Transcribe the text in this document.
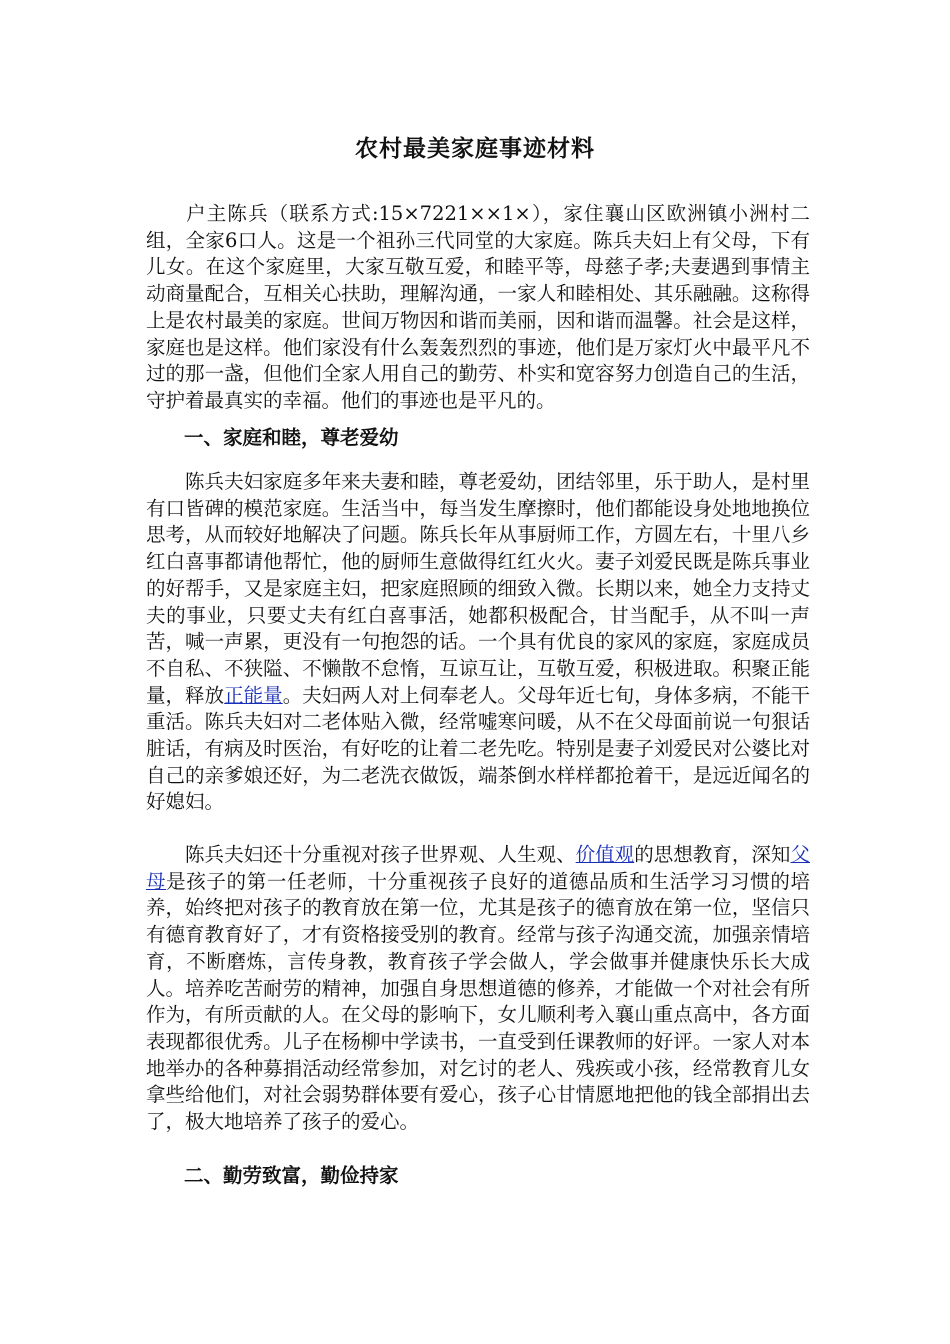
农村最美家庭事迹材料

户主陈兵（联系方式:15×7221××1×），家住襄山区欧洲镇小洲村二组，全家6口人。这是一个祖孙三代同堂的大家庭。陈兵夫妇上有父母，下有儿女。在这个家庭里，大家互敬互爱，和睦平等，母慈子孝;夫妻遇到事情主动商量配合，互相关心扶助，理解沟通，一家人和睦相处、其乐融融。这称得上是农村最美的家庭。世间万物因和谐而美丽，因和谐而温馨。社会是这样，家庭也是这样。他们家没有什么轰轰烈烈的事迹，他们是万家灯火中最平凡不过的那一盏，但他们全家人用自己的勤劳、朴实和宽容努力创造自己的生活，守护着最真实的幸福。他们的事迹也是平凡的。

一、家庭和睦，尊老爱幼

陈兵夫妇家庭多年来夫妻和睦，尊老爱幼，团结邻里，乐于助人，是村里有口皆碑的模范家庭。生活当中，每当发生摩擦时，他们都能设身处地地换位思考，从而较好地解决了问题。陈兵长年从事厨师工作，方圆左右，十里八乡红白喜事都请他帮忙，他的厨师生意做得红红火火。妻子刘爱民既是陈兵事业的好帮手，又是家庭主妇，把家庭照顾的细致入微。长期以来，她全力支持丈夫的事业，只要丈夫有红白喜事活，她都积极配合，甘当配手，从不叫一声苦，喊一声累，更没有一句抱怨的话。一个具有优良的家风的家庭，家庭成员不自私、不狭隘、不懒散不怠惰，互谅互让，互敬互爱，积极进取。积聚正能量，释放正能量。夫妇两人对上伺奉老人。父母年近七旬，身体多病，不能干重活。陈兵夫妇对二老体贴入微，经常嘘寒问暖，从不在父母面前说一句狠话脏话，有病及时医治，有好吃的让着二老先吃。特别是妻子刘爱民对公婆比对自己的亲爹娘还好，为二老洗衣做饭，端茶倒水样样都抢着干，是远近闻名的好媳妇。

陈兵夫妇还十分重视对孩子世界观、人生观、价值观的思想教育，深知父母是孩子的第一任老师，十分重视孩子良好的道德品质和生活学习习惯的培养，始终把对孩子的教育放在第一位，尤其是孩子的德育放在第一位，坚信只有德育教育好了，才有资格接受别的教育。经常与孩子沟通交流，加强亲情培育，不断磨炼，言传身教，教育孩子学会做人，学会做事并健康快乐长大成人。培养吃苦耐劳的精神，加强自身思想道德的修养，才能做一个对社会有所作为，有所贡献的人。在父母的影响下，女儿顺利考入襄山重点高中，各方面表现都很优秀。儿子在杨柳中学读书，一直受到任课教师的好评。一家人对本地举办的各种募捐活动经常参加，对乞讨的老人、残疾或小孩，经常教育儿女拿些给他们，对社会弱势群体要有爱心，孩子心甘情愿地把他的钱全部捐出去了，极大地培养了孩子的爱心。

二、勤劳致富，勤俭持家
